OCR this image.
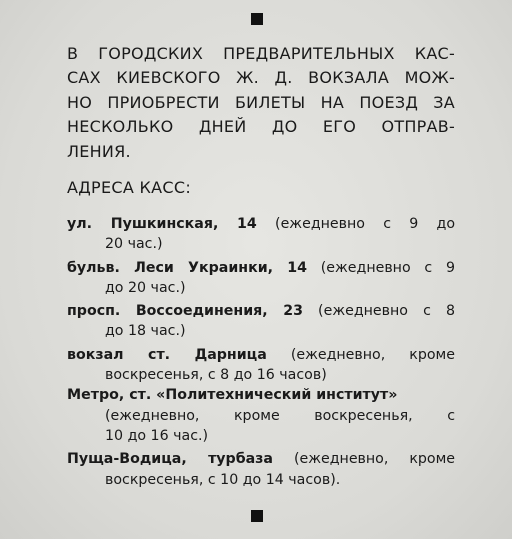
В ГОРОДСКИХ ПРЕДВАРИТЕЛЬНЫХ КАС-
САХ КИЕВСКОГО Ж. Д. ВОКЗАЛА МОЖ-
НО ПРИОБРЕСТИ БИЛЕТЫ НА ПОЕЗД ЗА
НЕСКОЛЬКО ДНЕЙ ДО ЕГО ОТПРАВ-
ЛЕНИЯ.
АДРЕСА КАСС:
ул. Пушкинская, 14 (ежедневно с 9 до
20 час.)
бульв. Леси Украинки, 14 (ежедневно с 9
до 20 час.)
просп. Воссоединения, 23 (ежедневно с 8
до 18 час.)
вокзал ст. Дарница (ежедневно, кроме
воскресенья, с 8 до 16 часов)
Метро, ст. «Политехнический институт»
(ежедневно, кроме воскресенья, с
10 до 16 час.)
Пуща-Водица, турбаза (ежедневно, кроме
воскресенья, с 10 до 14 часов).
